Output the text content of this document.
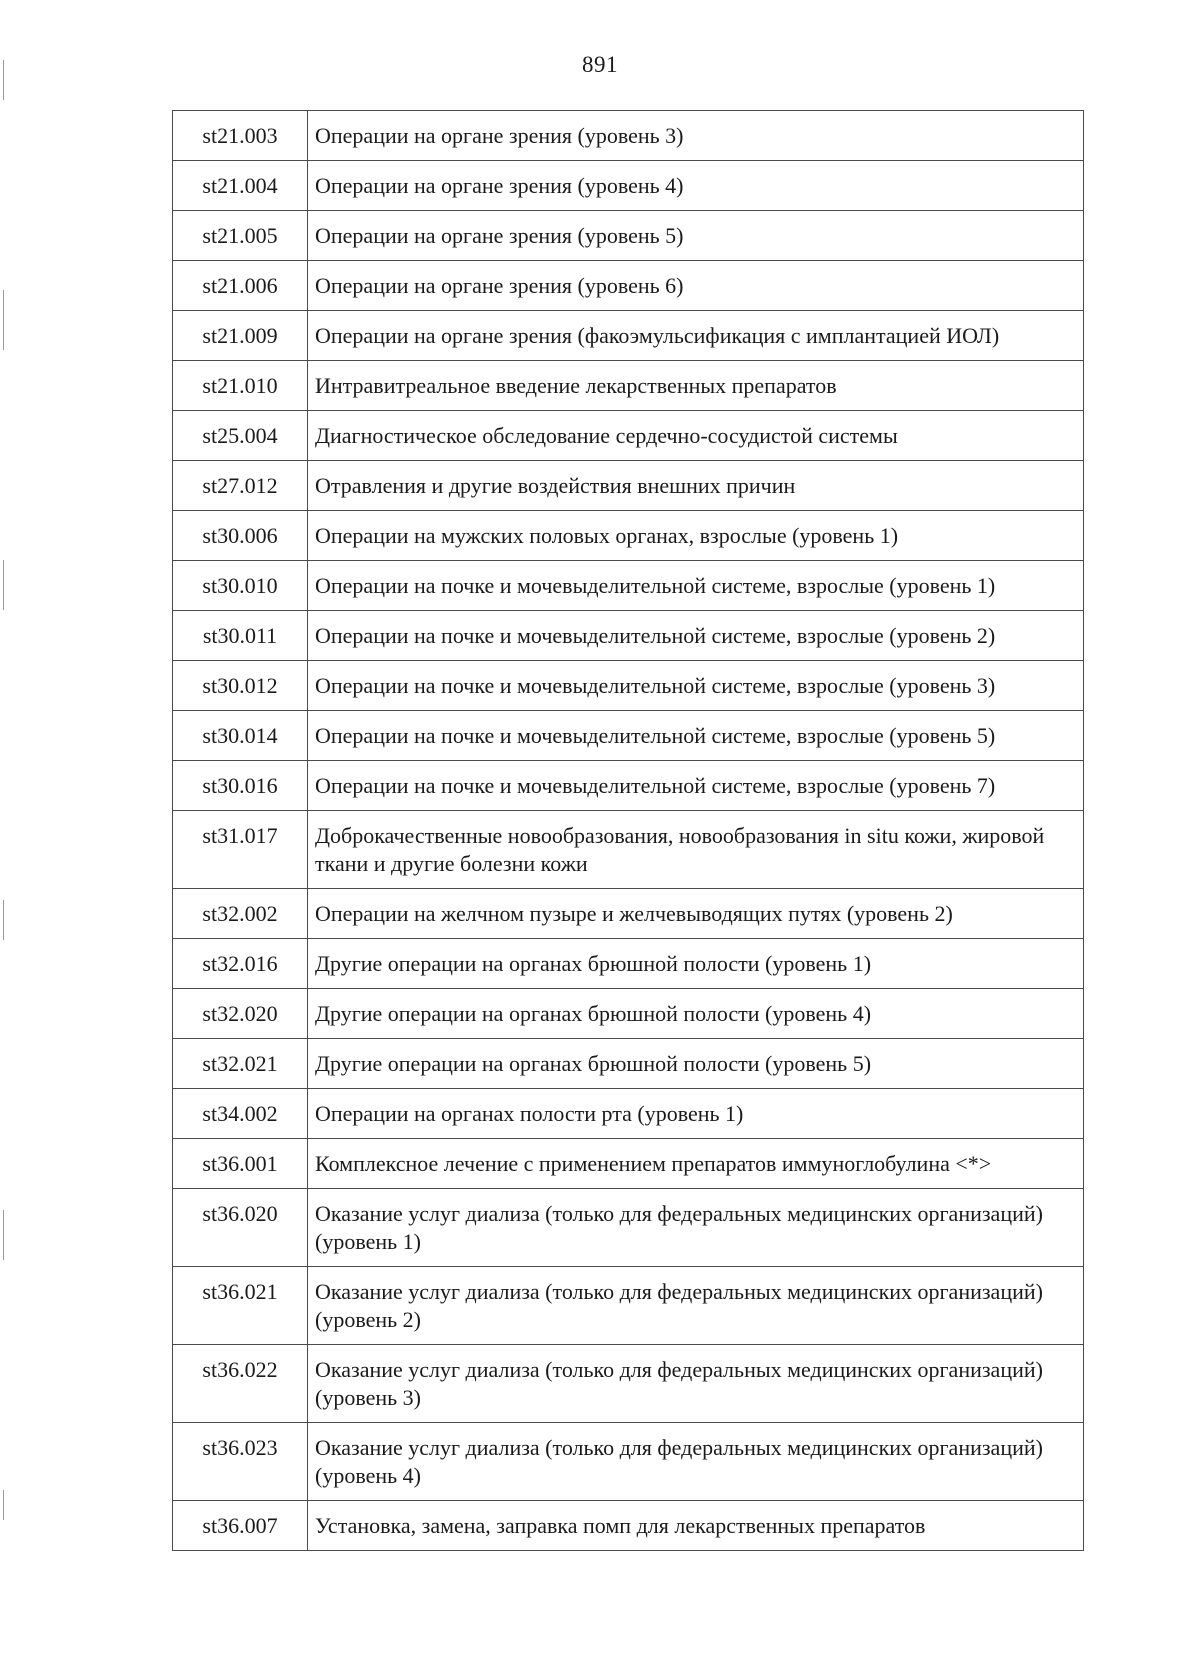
891
st21.003	Операции на органе зрения (уровень 3)
st21.004	Операции на органе зрения (уровень 4)
st21.005	Операции на органе зрения (уровень 5)
st21.006	Операции на органе зрения (уровень 6)
st21.009	Операции на органе зрения (факоэмульсификация с имплантацией ИОЛ)
st21.010	Интравитреальное введение лекарственных препаратов
st25.004	Диагностическое обследование сердечно-сосудистой системы
st27.012	Отравления и другие воздействия внешних причин
st30.006	Операции на мужских половых органах, взрослые (уровень 1)
st30.010	Операции на почке и мочевыделительной системе, взрослые (уровень 1)
st30.011	Операции на почке и мочевыделительной системе, взрослые (уровень 2)
st30.012	Операции на почке и мочевыделительной системе, взрослые (уровень 3)
st30.014	Операции на почке и мочевыделительной системе, взрослые (уровень 5)
st30.016	Операции на почке и мочевыделительной системе, взрослые (уровень 7)
st31.017	Доброкачественные новообразования, новообразования in situ кожи, жировой ткани и другие болезни кожи
st32.002	Операции на желчном пузыре и желчевыводящих путях (уровень 2)
st32.016	Другие операции на органах брюшной полости (уровень 1)
st32.020	Другие операции на органах брюшной полости (уровень 4)
st32.021	Другие операции на органах брюшной полости (уровень 5)
st34.002	Операции на органах полости рта (уровень 1)
st36.001	Комплексное лечение с применением препаратов иммуноглобулина <*>
st36.020	Оказание услуг диализа (только для федеральных медицинских организаций) (уровень 1)
st36.021	Оказание услуг диализа (только для федеральных медицинских организаций) (уровень 2)
st36.022	Оказание услуг диализа (только для федеральных медицинских организаций) (уровень 3)
st36.023	Оказание услуг диализа (только для федеральных медицинских организаций) (уровень 4)
st36.007	Установка, замена, заправка помп для лекарственных препаратов
